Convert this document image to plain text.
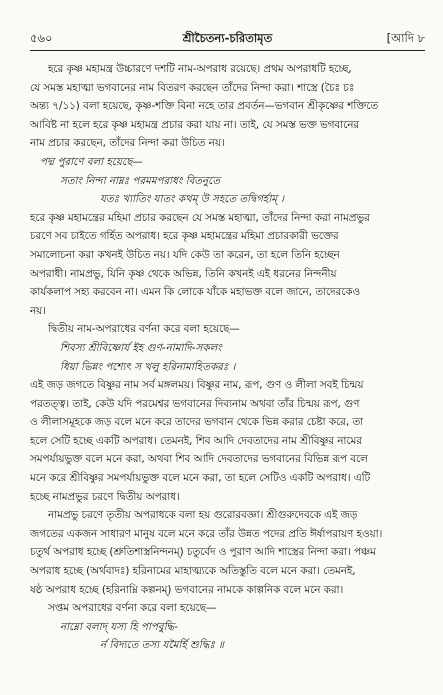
৫৬০	শ্রীচৈতন্য-চরিতামৃত	[আদি ৮
হরে কৃষ্ণ মহামন্ত্র উচ্চারণে দশটি নাম-অপরাধ রয়েছে। প্রথম অপরাধটি হচ্ছে,
যে সমস্ত মহাত্মা ভগবানের নাম বিতরণ করছেন তাঁদের নিন্দা করা। শাস্ত্রে (চৈঃ চঃ
অন্ত্য ৭/১১) বলা হয়েছে, কৃষ্ণ-শক্তি বিনা নহে তার প্রবর্তন—ভগবান শ্রীকৃষ্ণের শক্তিতে
আবিষ্ট না হলে হরে কৃষ্ণ মহামন্ত্র প্রচার করা যায় না। তাই, যে সমস্ত ভক্ত ভগবানের
নাম প্রচার করছেন, তাঁদের নিন্দা করা উচিত নয়।
পদ্ম পুরাণে বলা হয়েছে—
সতাং নিন্দা নাম্নঃ পরমমপরাধং বিতনুতে
যতঃ খ্যাতিং যাতং কথম্ উ সহতে তদ্বিগর্হাম্ ।
হরে কৃষ্ণ মহামন্ত্রের মহিমা প্রচার করছেন যে সমস্ত মহাত্মা, তাঁদের নিন্দা করা নামপ্রভুর
চরণে সব চাইতে গর্হিত অপরাধ। হরে কৃষ্ণ মহামন্ত্রের মহিমা প্রচারকারী ভক্তের
সমালোচনা করা কখনই উচিত নয়। যদি কেউ তা করেন, তা হলে তিনি হচ্ছেন
অপরাধী। নামপ্রভু, যিনি কৃষ্ণ থেকে অভিন্ন, তিনি কখনই এই ধরনের নিন্দনীয়
কার্যকলাপ সহ্য করবেন না। এমন কি লোকে যাঁকে মহাভক্ত বলে জানে, তাদেরকেও
নয়।
দ্বিতীয় নাম-অপরাধের বর্ণনা করে বলা হয়েছে—
শিবস্য শ্রীবিষ্ণোর্য ইহ গুণ-নামাদি-সকলং
ধিয়া ভিন্নং পশ্যেৎ স খলু হরিনামাহিতকরঃ ।
এই জড় জগতে বিষ্ণুর নাম সর্ব মঙ্গলময়। বিষ্ণুর নাম, রূপ, গুণ ও লীলা সবই চিন্ময়
পরতত্ত্ব। তাই, কেউ যদি পরমেশ্বর ভগবানের দিব্যনাম অথবা তাঁর চিন্ময় রূপ, গুণ
ও লীলাসমূহকে জড় বলে মনে করে তাদের ভগবান থেকে ভিন্ন করার চেষ্টা করে, তা
হলে সেটি হচ্ছে একটি অপরাধ। তেমনই, শিব আদি দেবতাদের নাম শ্রীবিষ্ণুর নামের
সমপর্যায়ভুক্ত বলে মনে করা, অথবা শিব আদি দেবতাদের ভগবানের বিভিন্ন রূপ বলে
মনে করে শ্রীবিষ্ণুর সমপর্যায়ভুক্ত বলে মনে করা, তা হলে সেটিও একটি অপরাধ। এটি
হচ্ছে নামপ্রভুর চরণে দ্বিতীয় অপরাধ।
নামপ্রভু চরণে তৃতীয় অপরাধকে বলা হয় গুরোরবজ্ঞা। শ্রীগুরুদেবকে এই জড়
জগতের একজন সাধারণ মানুষ বলে মনে করে তাঁর উন্নত পদের প্রতি ঈর্ষাপরায়ণ হওয়া।
চতুর্থ অপরাধ হচ্ছে (শ্রুতিশাস্ত্রনিন্দনম্) চতুর্বেদ ও পুরাণ আদি শাস্ত্রের নিন্দা করা। পঞ্চম
অপরাধ হচ্ছে (অর্থবাদঃ) হরিনামের মাহাত্ম্যকে অতিস্তুতি বলে মনে করা। তেমনই,
ষষ্ঠ অপরাধ হচ্ছে (হরিনাম্নি কল্পনম্) ভগবানের নামকে কাল্পনিক বলে মনে করা।
সপ্তম অপরাধের বর্ণনা করে বলা হয়েছে—
নাম্নো বলাদ্ যস্য হি পাপবুদ্ধি-
র্ন বিদ্যতে তস্য যমৈর্হি শুদ্ধিঃ ॥
